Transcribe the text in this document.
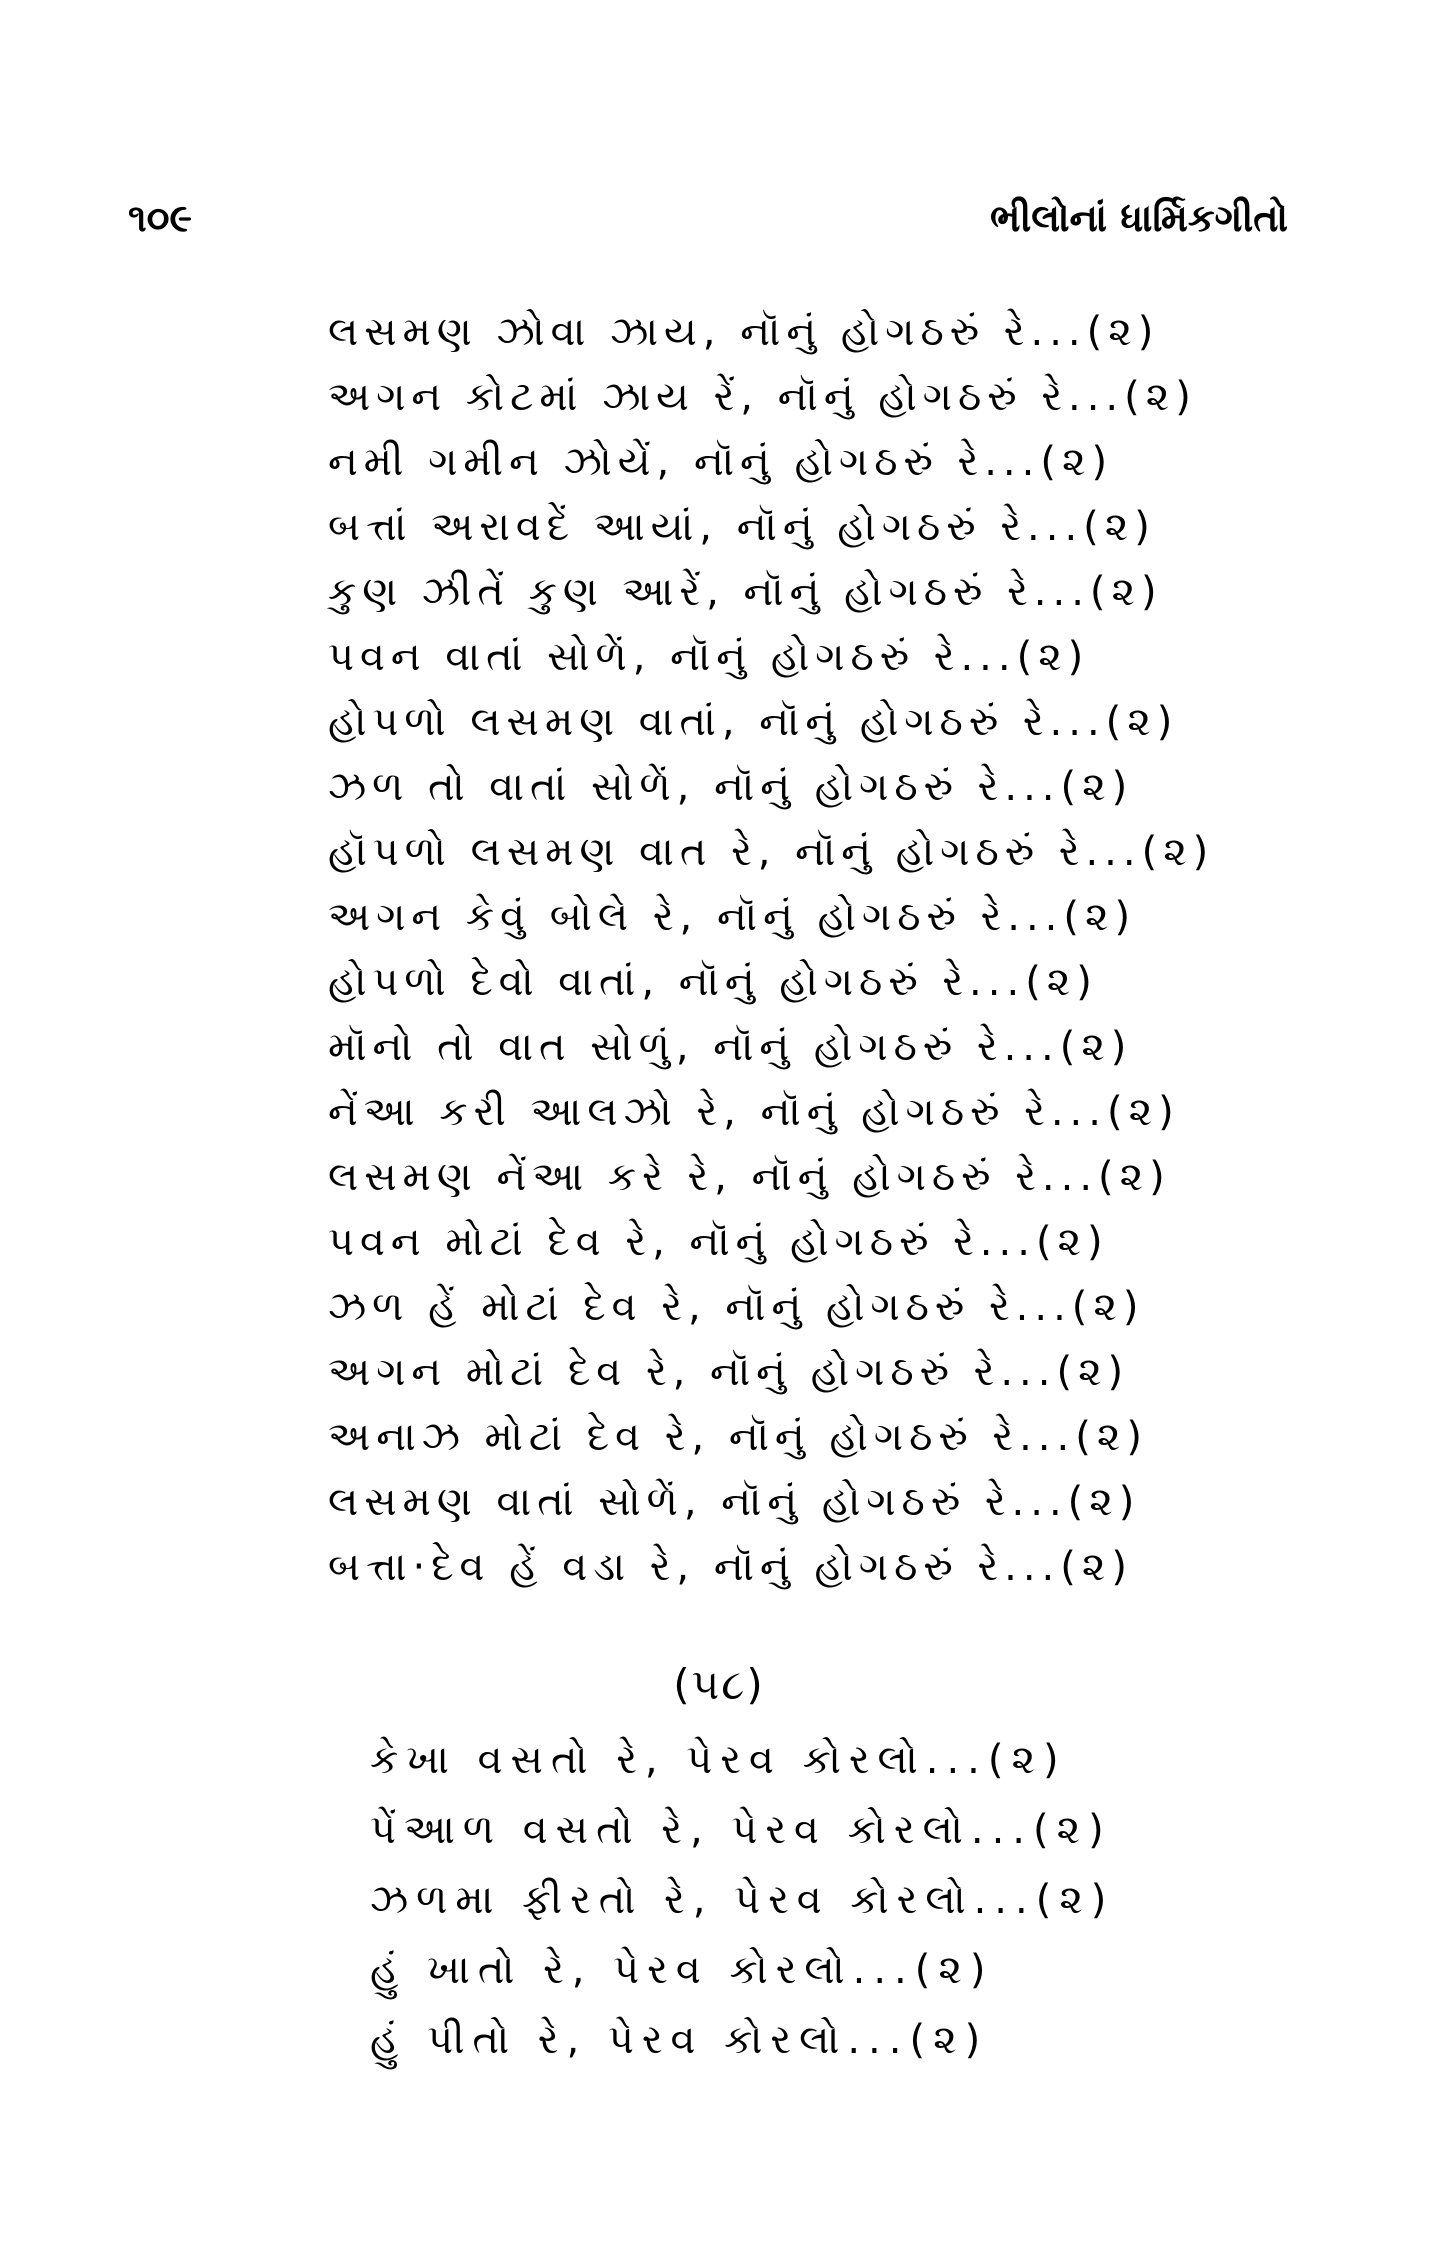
૧૦૯	ભીલોનાં ધાર્મિકગીતો
લસમણ ઝોવા ઝાય, નૉનું હોગઠરું રે...(૨)
અગન કોટમાં ઝાય રેં, નૉનું હોગઠરું રે...(૨)
નમી ગમીન ઝોયેં, નૉનું હોગઠરું રે...(૨)
બત્તાં અરાવદેં આયાં, નૉનું હોગઠરું રે...(૨)
કુણ ઝીતેં કુણ આરેં, નૉનું હોગઠરું રે...(૨)
પવન વાતાં સોળેં, નૉનું હોગઠરું રે...(૨)
હોપળો લસમણ વાતાં, નૉનું હોગઠરું રે...(૨)
ઝળ તો વાતાં સોળેં, નૉનું હોગઠરું રે...(૨)
હૉપળો લસમણ વાત રે, નૉનું હોગઠરું રે...(૨)
અગન કેવું બોલે રે, નૉનું હોગઠરું રે...(૨)
હોપળો દેવો વાતાં, નૉનું હોગઠરું રે...(૨)
મૉનો તો વાત સોળું, નૉનું હોગઠરું રે...(૨)
નેંઆ કરી આલઝો રે, નૉનું હોગઠરું રે...(૨)
લસમણ નેંઆ કરે રે, નૉનું હોગઠરું રે...(૨)
પવન મોટાં દેવ રે, નૉનું હોગઠરું રે...(૨)
ઝળ હેં મોટાં દેવ રે, નૉનું હોગઠરું રે...(૨)
અગન મોટાં દેવ રે, નૉનું હોગઠરું રે...(૨)
અનાઝ મોટાં દેવ રે, નૉનું હોગઠરું રે...(૨)
લસમણ વાતાં સોળેં, નૉનું હોગઠરું રે...(૨)
બત્તા·દેવ હેં વડા રે, નૉનું હોગઠરું રે...(૨)
(૫૮)
કેખા વસતો રે, પેરવ કોરલો...(૨)
પેંઆળ વસતો રે, પેરવ કોરલો...(૨)
ઝળમા ફીરતો રે, પેરવ કોરલો...(૨)
હું ખાતો રે, પેરવ કોરલો...(૨)
હું પીતો રે, પેરવ કોરલો...(૨)
